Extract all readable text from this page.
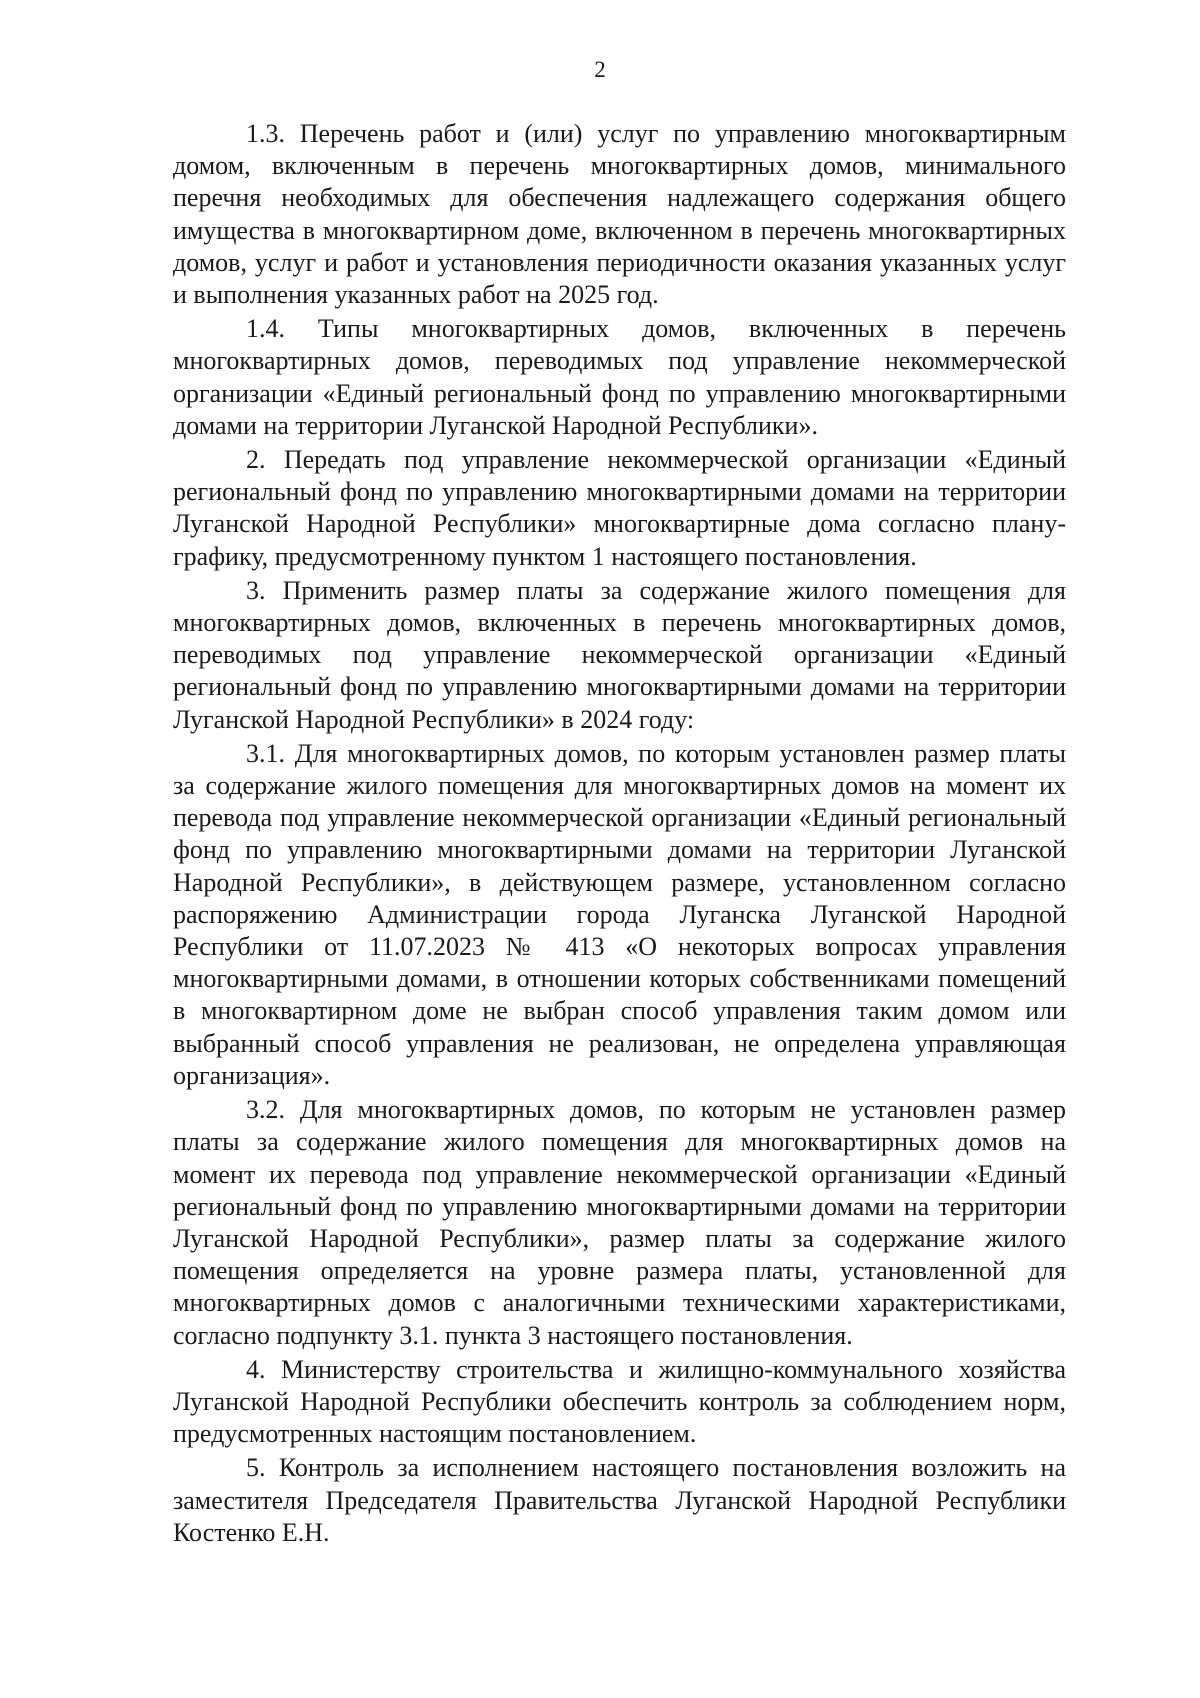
2

1.3. Перечень работ и (или) услуг по управлению многоквартирным домом, включенным в перечень многоквартирных домов, минимального перечня необходимых для обеспечения надлежащего содержания общего имущества в многоквартирном доме, включенном в перечень многоквартирных домов, услуг и работ и установления периодичности оказания указанных услуг и выполнения указанных работ на 2025 год.

1.4. Типы многоквартирных домов, включенных в перечень многоквартирных домов, переводимых под управление некоммерческой организации «Единый региональный фонд по управлению многоквартирными домами на территории Луганской Народной Республики».

2. Передать под управление некоммерческой организации «Единый региональный фонд по управлению многоквартирными домами на территории Луганской Народной Республики» многоквартирные дома согласно плану-графику, предусмотренному пунктом 1 настоящего постановления.

3. Применить размер платы за содержание жилого помещения для многоквартирных домов, включенных в перечень многоквартирных домов, переводимых под управление некоммерческой организации «Единый региональный фонд по управлению многоквартирными домами на территории Луганской Народной Республики» в 2024 году:

3.1. Для многоквартирных домов, по которым установлен размер платы за содержание жилого помещения для многоквартирных домов на момент их перевода под управление некоммерческой организации «Единый региональный фонд по управлению многоквартирными домами на территории Луганской Народной Республики», в действующем размере, установленном согласно распоряжению Администрации города Луганска Луганской Народной Республики от 11.07.2023 № 413 «О некоторых вопросах управления многоквартирными домами, в отношении которых собственниками помещений в многоквартирном доме не выбран способ управления таким домом или выбранный способ управления не реализован, не определена управляющая организация».

3.2. Для многоквартирных домов, по которым не установлен размер платы за содержание жилого помещения для многоквартирных домов на момент их перевода под управление некоммерческой организации «Единый региональный фонд по управлению многоквартирными домами на территории Луганской Народной Республики», размер платы за содержание жилого помещения определяется на уровне размера платы, установленной для многоквартирных домов с аналогичными техническими характеристиками, согласно подпункту 3.1. пункта 3 настоящего постановления.

4. Министерству строительства и жилищно-коммунального хозяйства Луганской Народной Республики обеспечить контроль за соблюдением норм, предусмотренных настоящим постановлением.

5. Контроль за исполнением настоящего постановления возложить на заместителя Председателя Правительства Луганской Народной Республики Костенко Е.Н.
